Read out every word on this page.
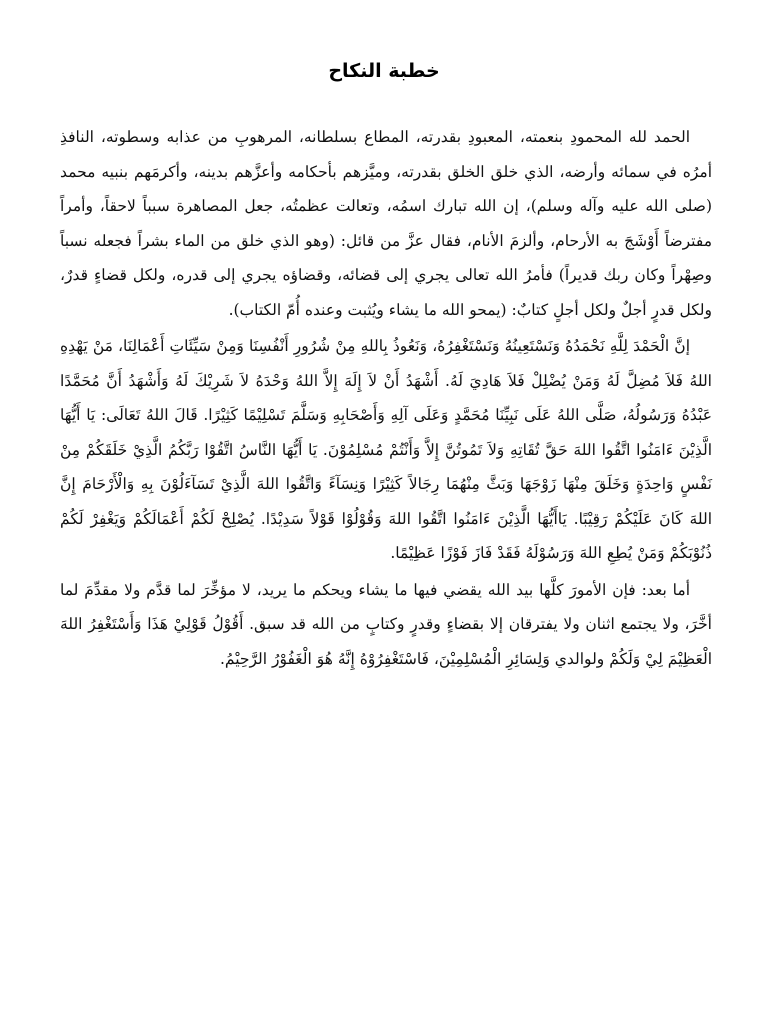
خطبة النكاح

الحمد لله المحمودِ بنعمته، المعبودِ بقدرته، المطاع بسلطانه، المرهوبِ من عذابه وسطوته، النافذِ أمرُه في سمائه وأرضه، الذي خلق الخلق بقدرته، وميَّزهم بأحكامه وأعزَّهم بدينه، وأكرمَهم بنبيه محمد (صلى الله عليه وآله وسلم)، إن الله تبارك اسمُه، وتعالت عظمتُه، جعل المصاهرة سبباً لاحقاً، وأمراً مفترضاً أَوْشَجَ به الأرحام، وألزمَ الأنام، فقال عزَّ من قائل: (وهو الذي خلق من الماء بشراً فجعله نسباً وصِهْراً وكان ربك قديراً) فأمرُ الله تعالى يجري إلى قضائه، وقضاؤه يجري إلى قدره، ولكل قضاءٍ قدرٌ، ولكل قدرٍ أجلٌ ولكل أجلٍ كتابٌ: (يمحو الله ما يشاء ويُثبت وعنده أُمّ الكتاب).

إنَّ الْحَمْدَ لِلَّهِ نَحْمَدُهُ وَنَسْتَعِينُهُ وَنَسْتَغْفِرُهُ، وَنَعُوذُ بِاللهِ مِنْ شُرُورِ أَنْفُسِنَا وَمِنْ سَيِّئَاتِ أَعْمَالِنَا، مَنْ يَهْدِهِ اللهُ فَلاَ مُضِلَّ لَهُ وَمَنْ يُضْلِلْ فَلاَ هَادِيَ لَهُ. أَشْهَدُ أَنْ لاَ إِلَهَ إِلاَّ اللهُ وَحْدَهُ لاَ شَرِيْكَ لَهُ وَأَشْهَدُ أَنَّ مُحَمَّدًا عَبْدُهُ وَرَسُولُهُ، صَلَّى اللهُ عَلَى نَبِيِّنَا مُحَمَّدٍ وَعَلَى آلِهِ وَأَصْحَابِهِ وَسَلَّمَ تَسْلِيْمًا كَثِيْرًا. قَالَ اللهُ تَعَالَى: يَا أَيُّهَا الَّذِيْنَ ءَامَنُوا اتَّقُوا اللهَ حَقَّ تُقَاتِهِ وَلاَ تَمُوتُنَّ إِلاَّ وَأَنْتُمْ مُسْلِمُوْنَ. يَا أَيُّهَا النَّاسُ اتَّقُوْا رَبَّكُمُ الَّذِيْ خَلَقَكُمْ مِنْ نَفْسٍ وَاحِدَةٍ وَخَلَقَ مِنْهَا زَوْجَهَا وَبَثَّ مِنْهُمَا رِجَالاً كَثِيْرًا وَنِسَآءً وَاتَّقُوا اللهَ الَّذِيْ تَسَآءَلُوْنَ بِهِ وَالْأَرْحَامَ إِنَّ اللهَ كَانَ عَلَيْكُمْ رَقِيْبًا. يَاأَيُّهَا الَّذِيْنَ ءَامَنُوا اتَّقُوا اللهَ وَقُوْلُوْا قَوْلاً سَدِيْدًا. يُصْلِحْ لَكُمْ أَعْمَالَكُمْ وَيَغْفِرْ لَكُمْ ذُنُوْبَكُمْ وَمَنْ يُطِعِ اللهَ وَرَسُوْلَهُ فَقَدْ فَازَ فَوْزًا عَظِيْمًا.

أما بعد: فإن الأمورَ كلَّها بيد الله يقضي فيها ما يشاء ويحكم ما يريد، لا مؤخِّرَ لما قدَّم ولا مقدِّمَ لما أخَّرَ، ولا يجتمع اثنان ولا يفترقان إلا بقضاءٍ وقدرٍ وكتابٍ من الله قد سبق. أَقُوْلُ قَوْلِيْ هَذَا وَأَسْتَغْفِرُ اللهَ الْعَظِيْمَ لِيْ وَلَكُمْ ولوالدي وَلِسَائِرِ الْمُسْلِمِيْنَ، فَاسْتَغْفِرُوْهُ إِنَّهُ هُوَ الْغَفُوْرُ الرَّحِيْمُ.
